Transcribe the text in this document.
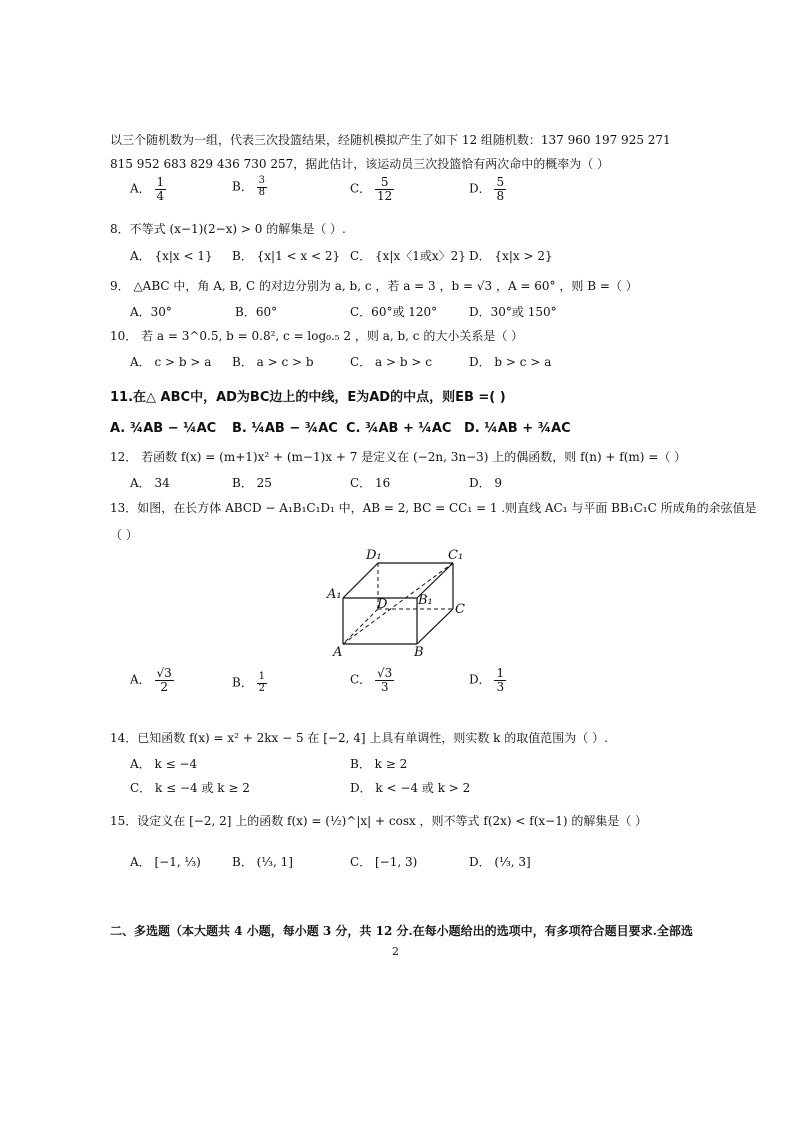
以三个随机数为一组，代表三次投篮结果，经随机模拟产生了如下 12 组随机数：137 960 197 925 271
815 952 683 829 436 730 257，据此估计，该运动员三次投篮恰有两次命中的概率为（ ）
A． $\frac{1}{4}$	B． $\frac{3}{8}$	C． $\frac{5}{12}$	D． $\frac{5}{8}$
8．不等式 (x−1)(2−x) > 0 的解集是（ ）.
A． {x|x < 1} B． {x|1 < x < 2} C． {x|x〈1或x〉2} D． {x|x > 2}
9． △ABC 中，角 A, B, C 的对边分别为 a, b, c ，若 a = 3 ，b = √3 ，A = 60° ，则 B =（ ）
A．30°	B．60°	C．60°或 120°	D．30°或 150°
10． 若 a = 3^0.5, b = 0.8², c = log₀.₅ 2 ，则 a, b, c 的大小关系是（ ）
A． c > b > a B． a > c > b	C． a > b > c	D． b > c > a
11.在△ ABC中，AD为BC边上的中线，E为AD的中点，则EB =( )
A. ¾AB − ¼AC B. ¼AB − ¾AC C. ¾AB + ¼AC D. ¼AB + ¾AC
12． 若函数 f(x) = (m+1)x² + (m−1)x + 7 是定义在 (−2n, 3n−3) 上的偶函数，则 f(n) + f(m) =（ ）
A． 34	B． 25	C． 16	D． 9
13．如图，在长方体 ABCD − A₁B₁C₁D₁ 中，AB = 2, BC = CC₁ = 1 .则直线 AC₁ 与平面 BB₁C₁C 所成角的余弦值是
（ ）
D₁	C₁
A₁
D B₁
C
A	B
A． $\frac{√3}{2}$	B． $\frac{1}{2}$	C． $\frac{√3}{3}$	D． $\frac{1}{3}$
14．已知函数 f(x) = x² + 2kx − 5 在 [−2, 4] 上具有单调性，则实数 k 的取值范围为（ ）.
A． k ≤ −4	B． k ≥ 2
C． k ≤ −4 或 k ≥ 2	D． k < −4 或 k > 2
15．设定义在 [−2, 2] 上的函数 f(x) = (½)^|x| + cosx ，则不等式 f(2x) < f(x−1) 的解集是（ ）
A． [−1, ⅓)	B． (⅓, 1]	C． [−1, 3)	D． (⅓, 3]
二、多选题（本大题共 4 小题，每小题 3 分，共 12 分.在每小题给出的选项中，有多项符合题目要求.全部选
2
